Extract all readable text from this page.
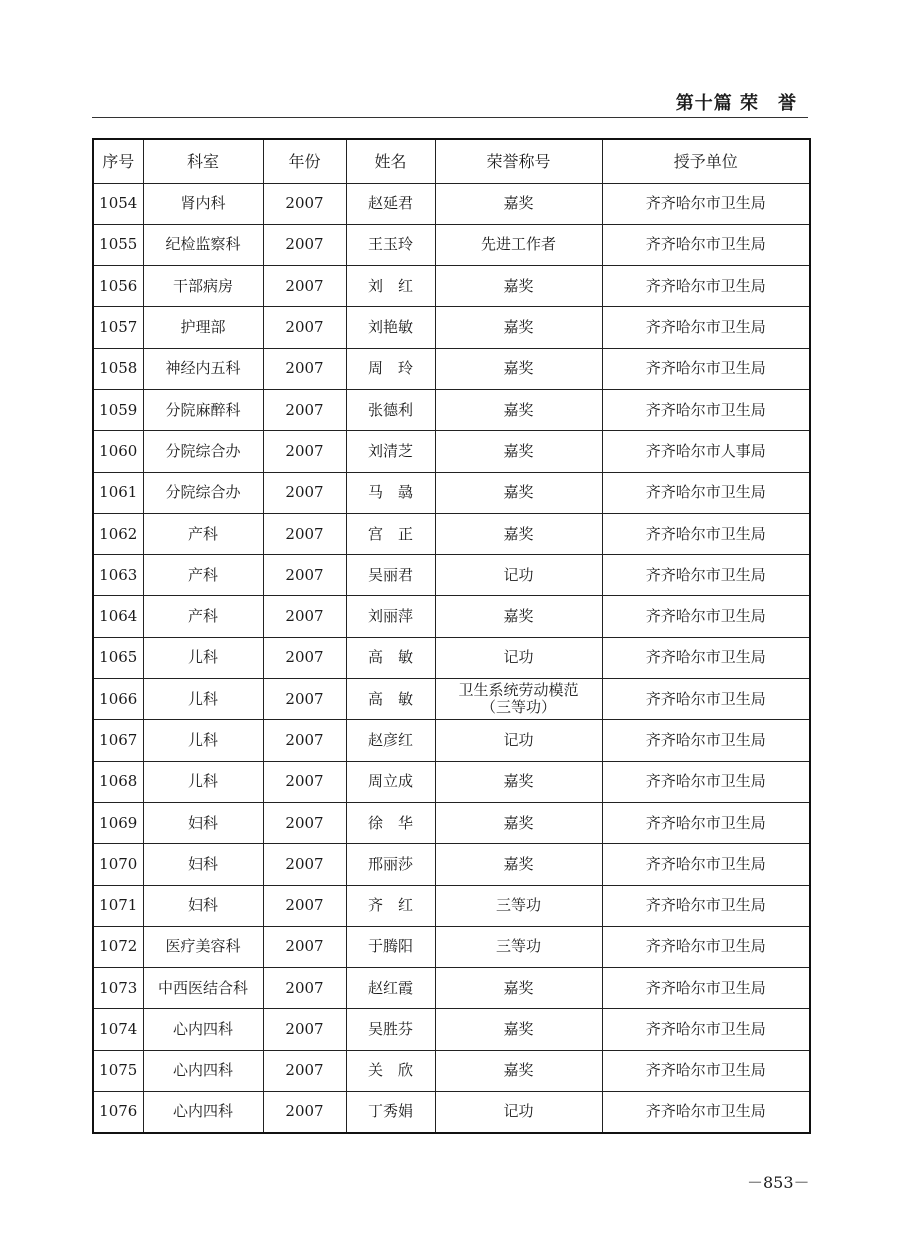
第十篇 荣　誉
序号	科室	年份	姓名	荣誉称号	授予单位
1054	肾内科	2007	赵延君	嘉奖	齐齐哈尔市卫生局
1055	纪检监察科	2007	王玉玲	先进工作者	齐齐哈尔市卫生局
1056	干部病房	2007	刘　红	嘉奖	齐齐哈尔市卫生局
1057	护理部	2007	刘艳敏	嘉奖	齐齐哈尔市卫生局
1058	神经内五科	2007	周　玲	嘉奖	齐齐哈尔市卫生局
1059	分院麻醉科	2007	张德利	嘉奖	齐齐哈尔市卫生局
1060	分院综合办	2007	刘清芝	嘉奖	齐齐哈尔市人事局
1061	分院综合办	2007	马　骉	嘉奖	齐齐哈尔市卫生局
1062	产科	2007	宫　正	嘉奖	齐齐哈尔市卫生局
1063	产科	2007	吴丽君	记功	齐齐哈尔市卫生局
1064	产科	2007	刘丽萍	嘉奖	齐齐哈尔市卫生局
1065	儿科	2007	高　敏	记功	齐齐哈尔市卫生局
1066	儿科	2007	高　敏	卫生系统劳动模范
（三等功）	齐齐哈尔市卫生局
1067	儿科	2007	赵彦红	记功	齐齐哈尔市卫生局
1068	儿科	2007	周立成	嘉奖	齐齐哈尔市卫生局
1069	妇科	2007	徐　华	嘉奖	齐齐哈尔市卫生局
1070	妇科	2007	邢丽莎	嘉奖	齐齐哈尔市卫生局
1071	妇科	2007	齐　红	三等功	齐齐哈尔市卫生局
1072	医疗美容科	2007	于腾阳	三等功	齐齐哈尔市卫生局
1073	中西医结合科	2007	赵红霞	嘉奖	齐齐哈尔市卫生局
1074	心内四科	2007	吴胜芬	嘉奖	齐齐哈尔市卫生局
1075	心内四科	2007	关　欣	嘉奖	齐齐哈尔市卫生局
1076	心内四科	2007	丁秀娟	记功	齐齐哈尔市卫生局
－853－
